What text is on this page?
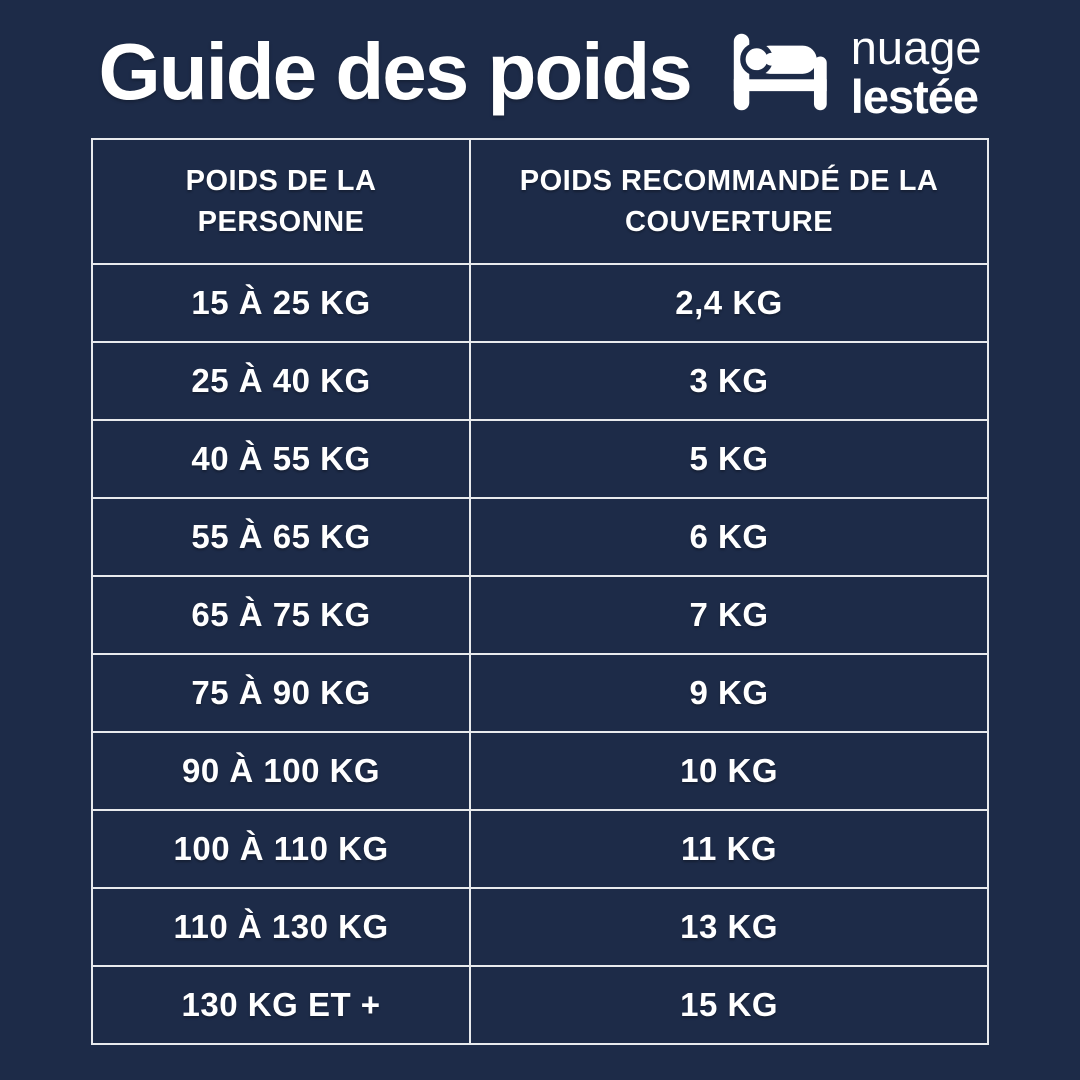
Guide des poids	nuage
lestée
POIDS DE LA PERSONNE	POIDS RECOMMANDÉ DE LA COUVERTURE
15 À 25 KG	2,4 KG
25 À 40 KG	3 KG
40 À 55 KG	5 KG
55 À 65 KG	6 KG
65 À 75 KG	7 KG
75 À 90 KG	9 KG
90 À 100 KG	10 KG
100 À 110 KG	11 KG
110 À 130 KG	13 KG
130 KG ET +	15 KG
